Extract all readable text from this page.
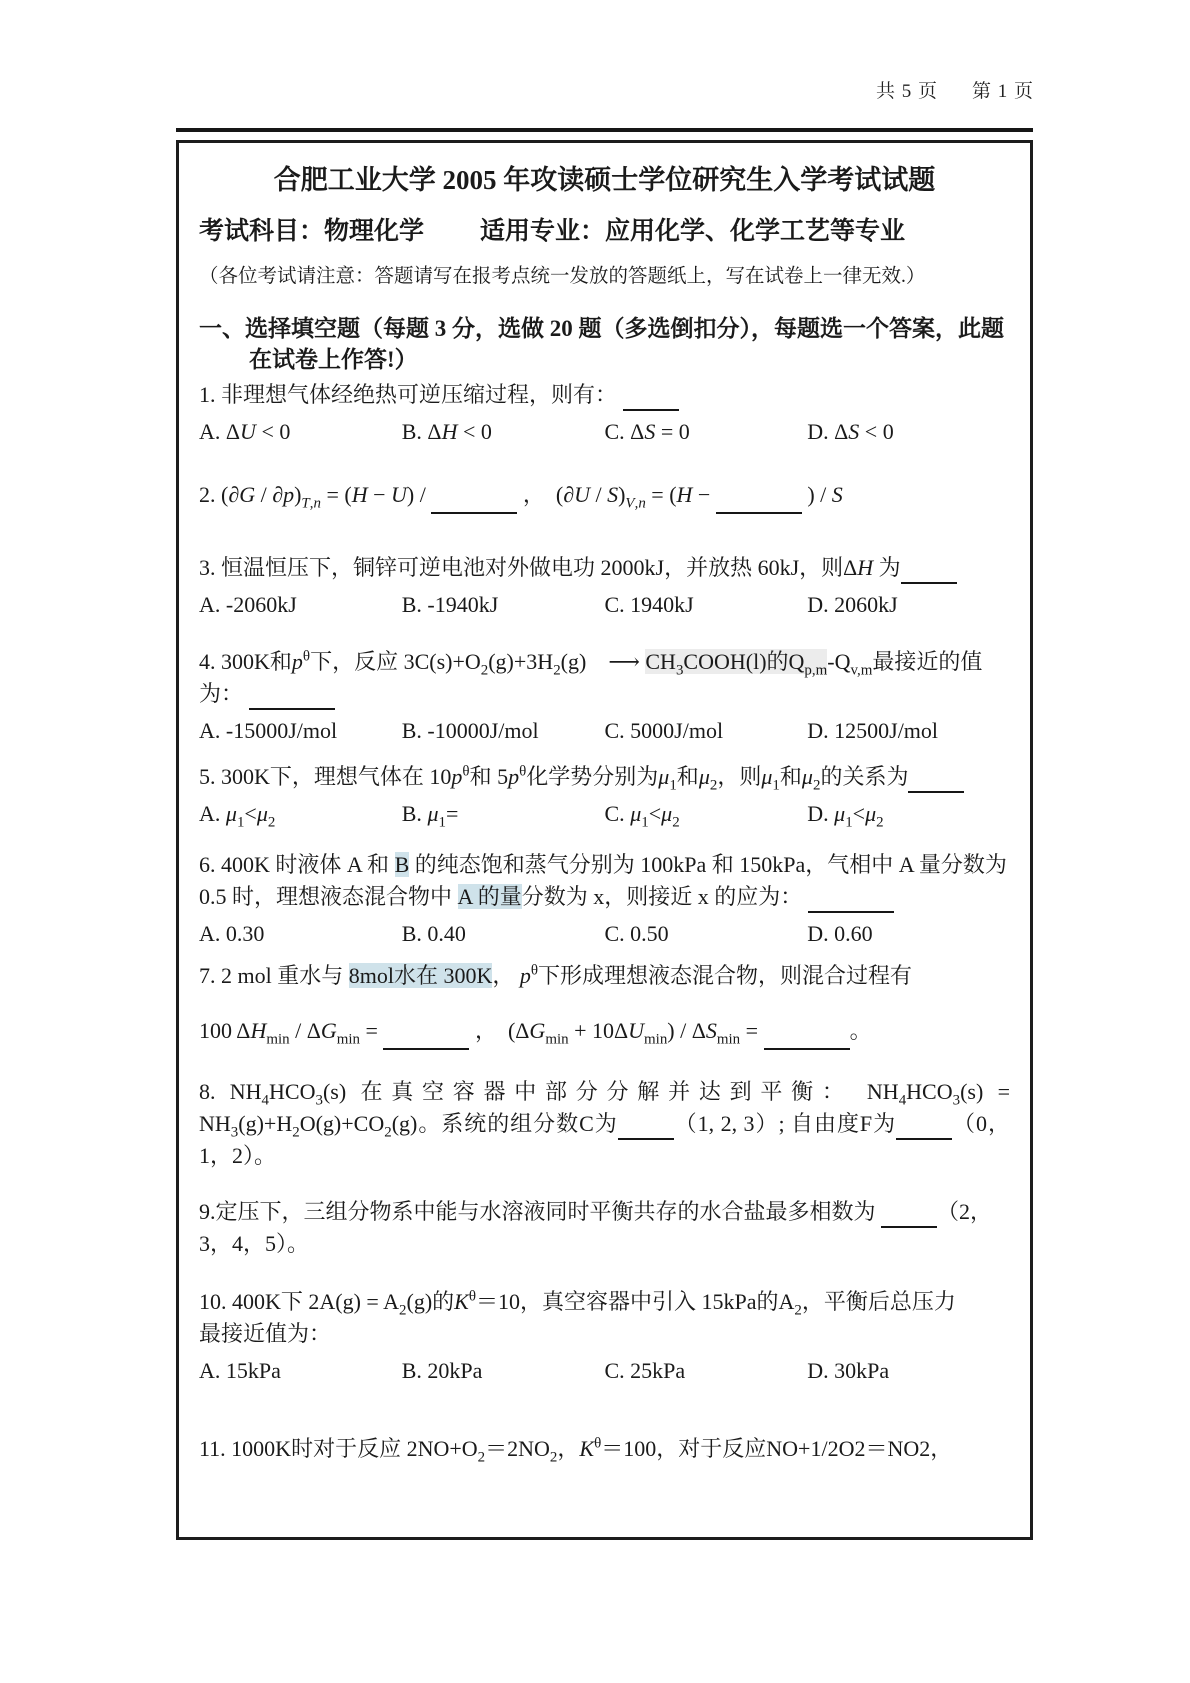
共 5 页 第 1 页
合肥工业大学 2005 年攻读硕士学位研究生入学考试试题
考试科目：物理化学 适用专业：应用化学、化学工艺等专业
（各位考试请注意：答题请写在报考点统一发放的答题纸上，写在试卷上一律无效.）
一、选择填空题（每题 3 分，选做 20 题（多选倒扣分），每题选一个答案，此题在试卷上作答!）
1. 非理想气体经绝热可逆压缩过程，则有：
A. ΔU < 0	B. ΔH < 0	C. ΔS = 0	D. ΔS < 0
2. $(\partial G / \partial p)_{T,n} = (H - U)$ /	，　$(\partial U / S)_{V,n} = (H$ −	) / S
3. 恒温恒压下，铜锌可逆电池对外做电功 2000kJ，并放热 60kJ，则ΔH 为
A. -2060kJ	B. -1940kJ	C. 1940kJ	D. 2060kJ
4. 300K和$p^\theta$下，反应 $3C(s)+O_2(g)+3H_2(g)$　⟶ $CH_3COOH(l)$的$Q_{p,m}-Q_{v,m}$最接近的值
为：
A. -15000J/mol	B. -10000J/mol	C. 5000J/mol	D. 12500J/mol
5. 300K下，理想气体在 $10p^\theta$和 $5p^\theta$化学势分别为$\mu_1$和$\mu_2$，则$\mu_1$和$\mu_2$的关系为
A. $\mu_1<\mu_2$	B. $\mu_1=$	C. $\mu_1<\mu_2$	D. $\mu_1<\mu_2$
6. 400K 时液体 A 和 B 的纯态饱和蒸气分别为 100kPa 和 150kPa，气相中 A 量分数为 0.5 时，理想液态混合物中 A 的量分数为 x，则接近 x 的应为：
A. 0.30	B. 0.40	C. 0.50	D. 0.60
7. 2 mol 重水与 8mol水在 300K， $p^\theta$下形成理想液态混合物，则混合过程有
100 $\Delta H_{min} / \Delta G_{min}$ =	，　$(\Delta G_{min} + 10\Delta U_{min}) / \Delta S_{min}$ =	。
8. $NH_4HCO_3(s)$ 在真空容器中部分分解并达到平衡： $NH_4HCO_3(s) = NH_3(g)+H_2O(g)+CO_2(g)$。系统的组分数C为	（1, 2, 3）; 自由度F为	（0，1，2）。
9.定压下，三组分物系中能与水溶液同时平衡共存的水合盐最多相数为	（2，3，4，5）。
10. 400K下 $2A(g) = A_2(g)$的$K^\theta=10$，真空容器中引入 15kPa的$A_2$，平衡后总压力
最接近值为：
A. 15kPa	B. 20kPa	C. 25kPa	D. 30kPa
11. 1000K时对于反应 $2NO+O_2=2NO_2$，$K^\theta=100$，对于反应NO+1/2O2＝NO2，
